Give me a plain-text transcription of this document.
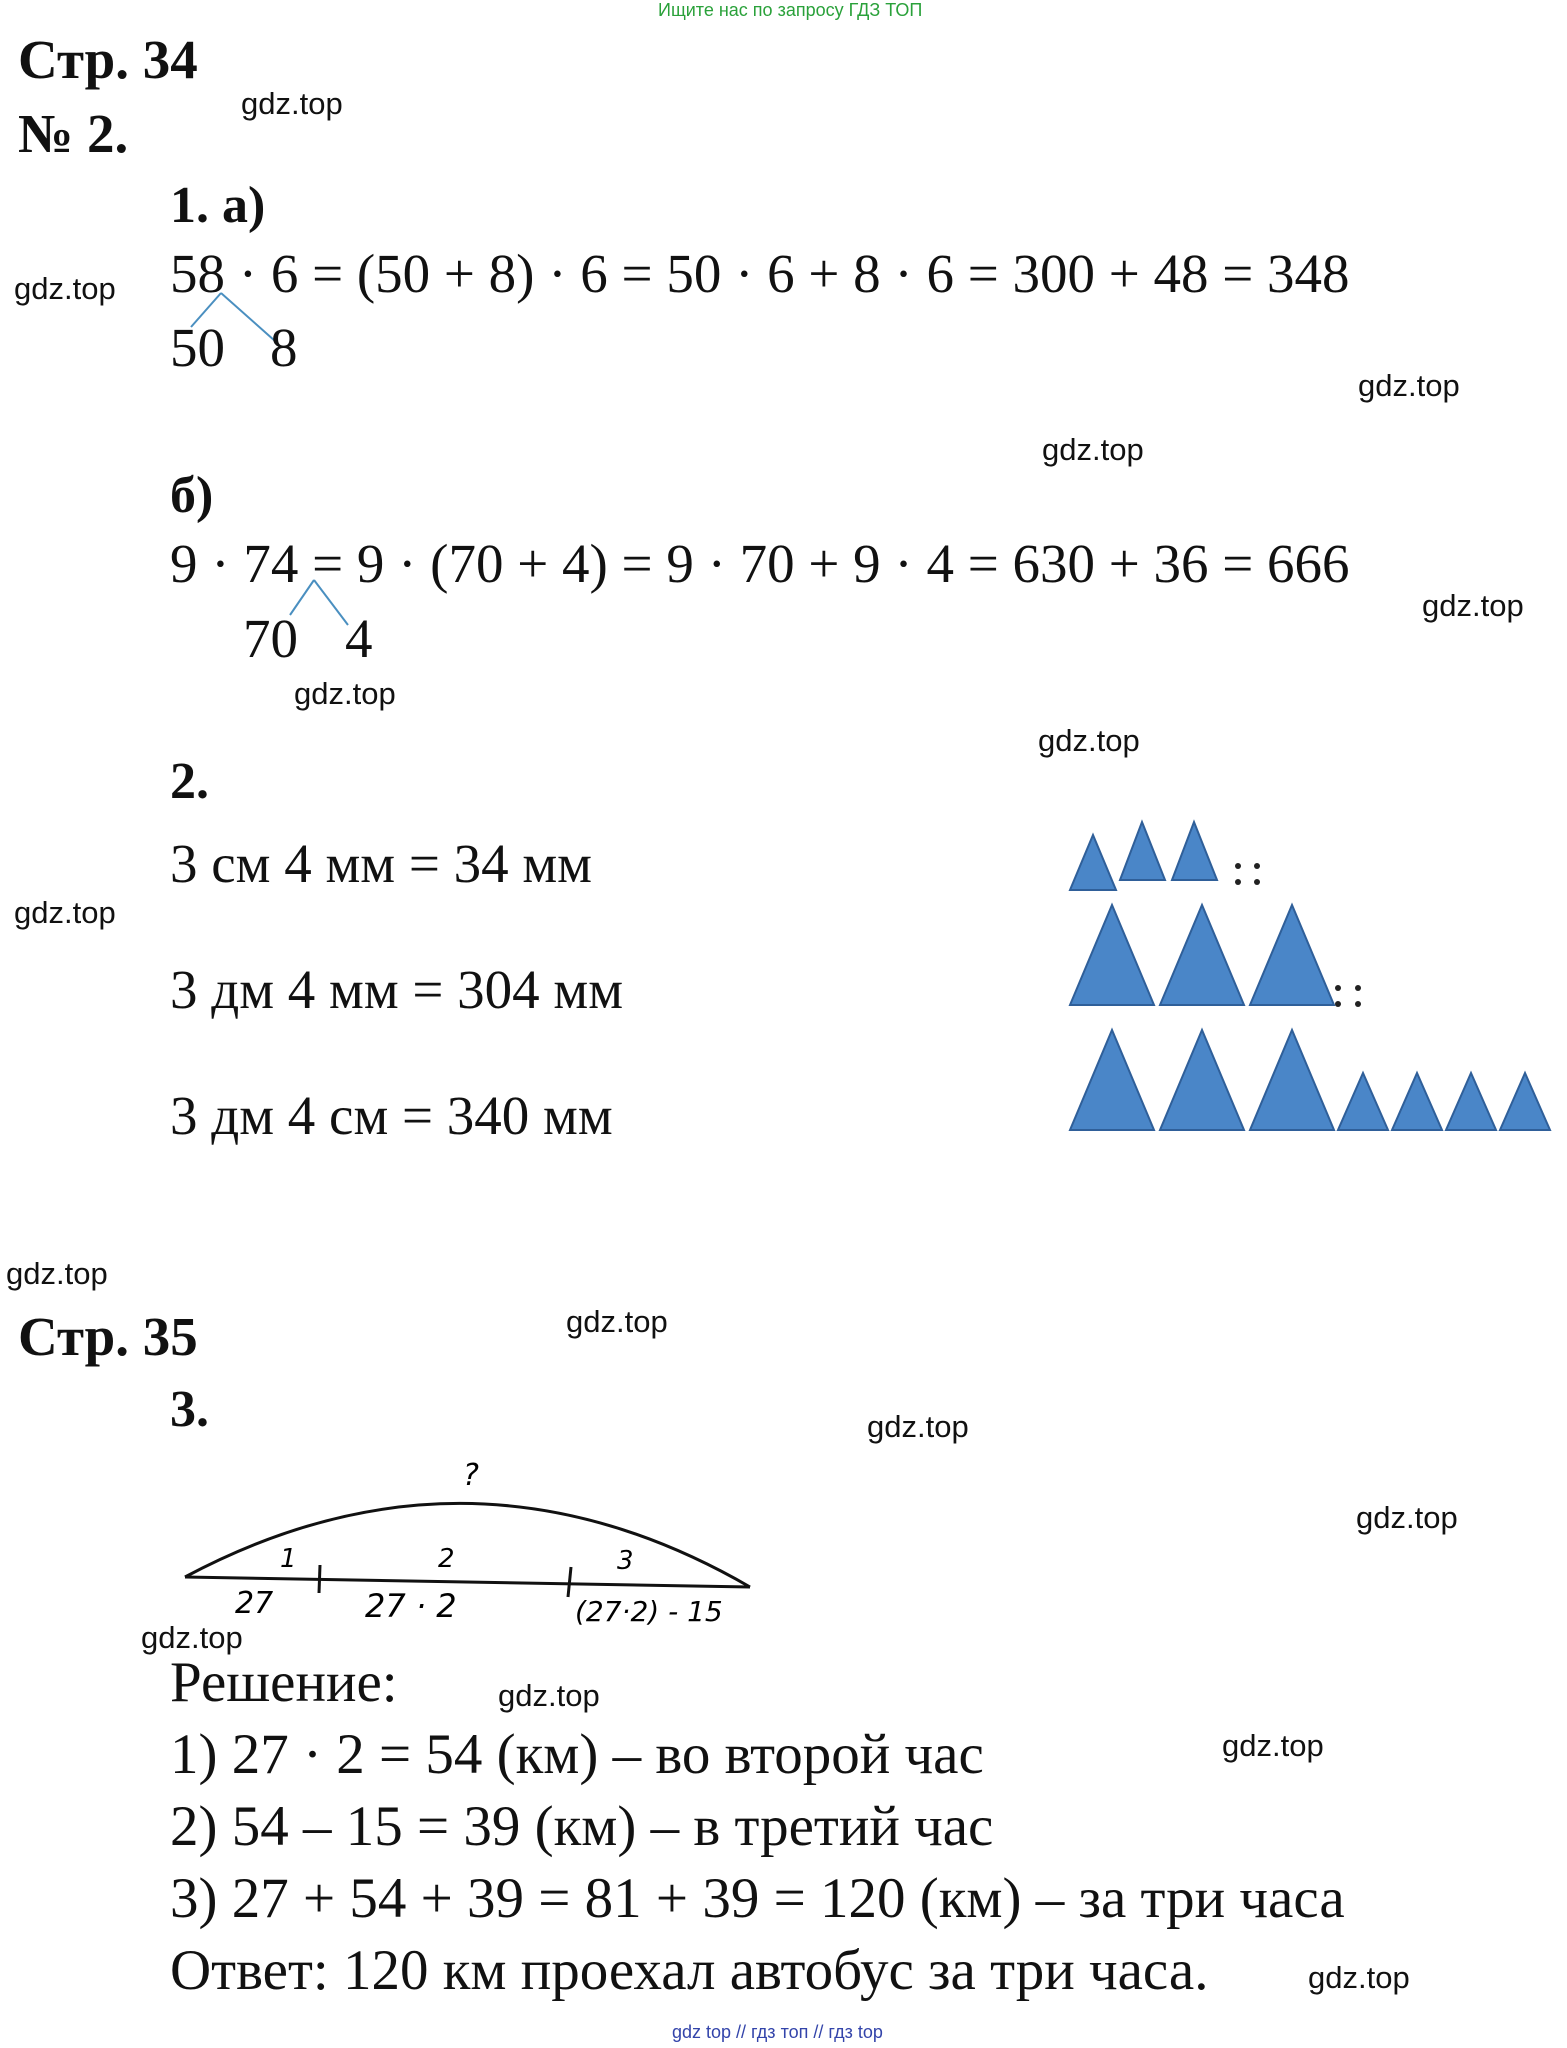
Ищите нас по запросу ГДЗ ТОП
gdz top // гдз топ // гдз top
Стр. 34
№ 2.
1. а)
58 · 6 = (50 + 8) · 6 = 50 · 6 + 8 · 6 = 300 + 48 = 348
50 8
б)
9 · 74 = 9 · (70 + 4) = 9 · 70 + 9 · 4 = 630 + 36 = 666
70 4
2.
3 см 4 мм = 34 мм
3 дм 4 мм = 304 мм
3 дм 4 см = 340 мм
Стр. 35
3.
?
1	2	3
27	27 · 2	(27·2) - 15
Решение:
1) 27 · 2 = 54 (км) – во второй час
2) 54 – 15 = 39 (км) – в третий час
3) 27 + 54 + 39 = 81 + 39 = 120 (км) – за три часа
Ответ: 120 км проехал автобус за три часа.
gdz.top
gdz.top
gdz.top
gdz.top
gdz.top
gdz.top
gdz.top
gdz.top
gdz.top
gdz.top
gdz.top
gdz.top
gdz.top
gdz.top
gdz.top
gdz.top
